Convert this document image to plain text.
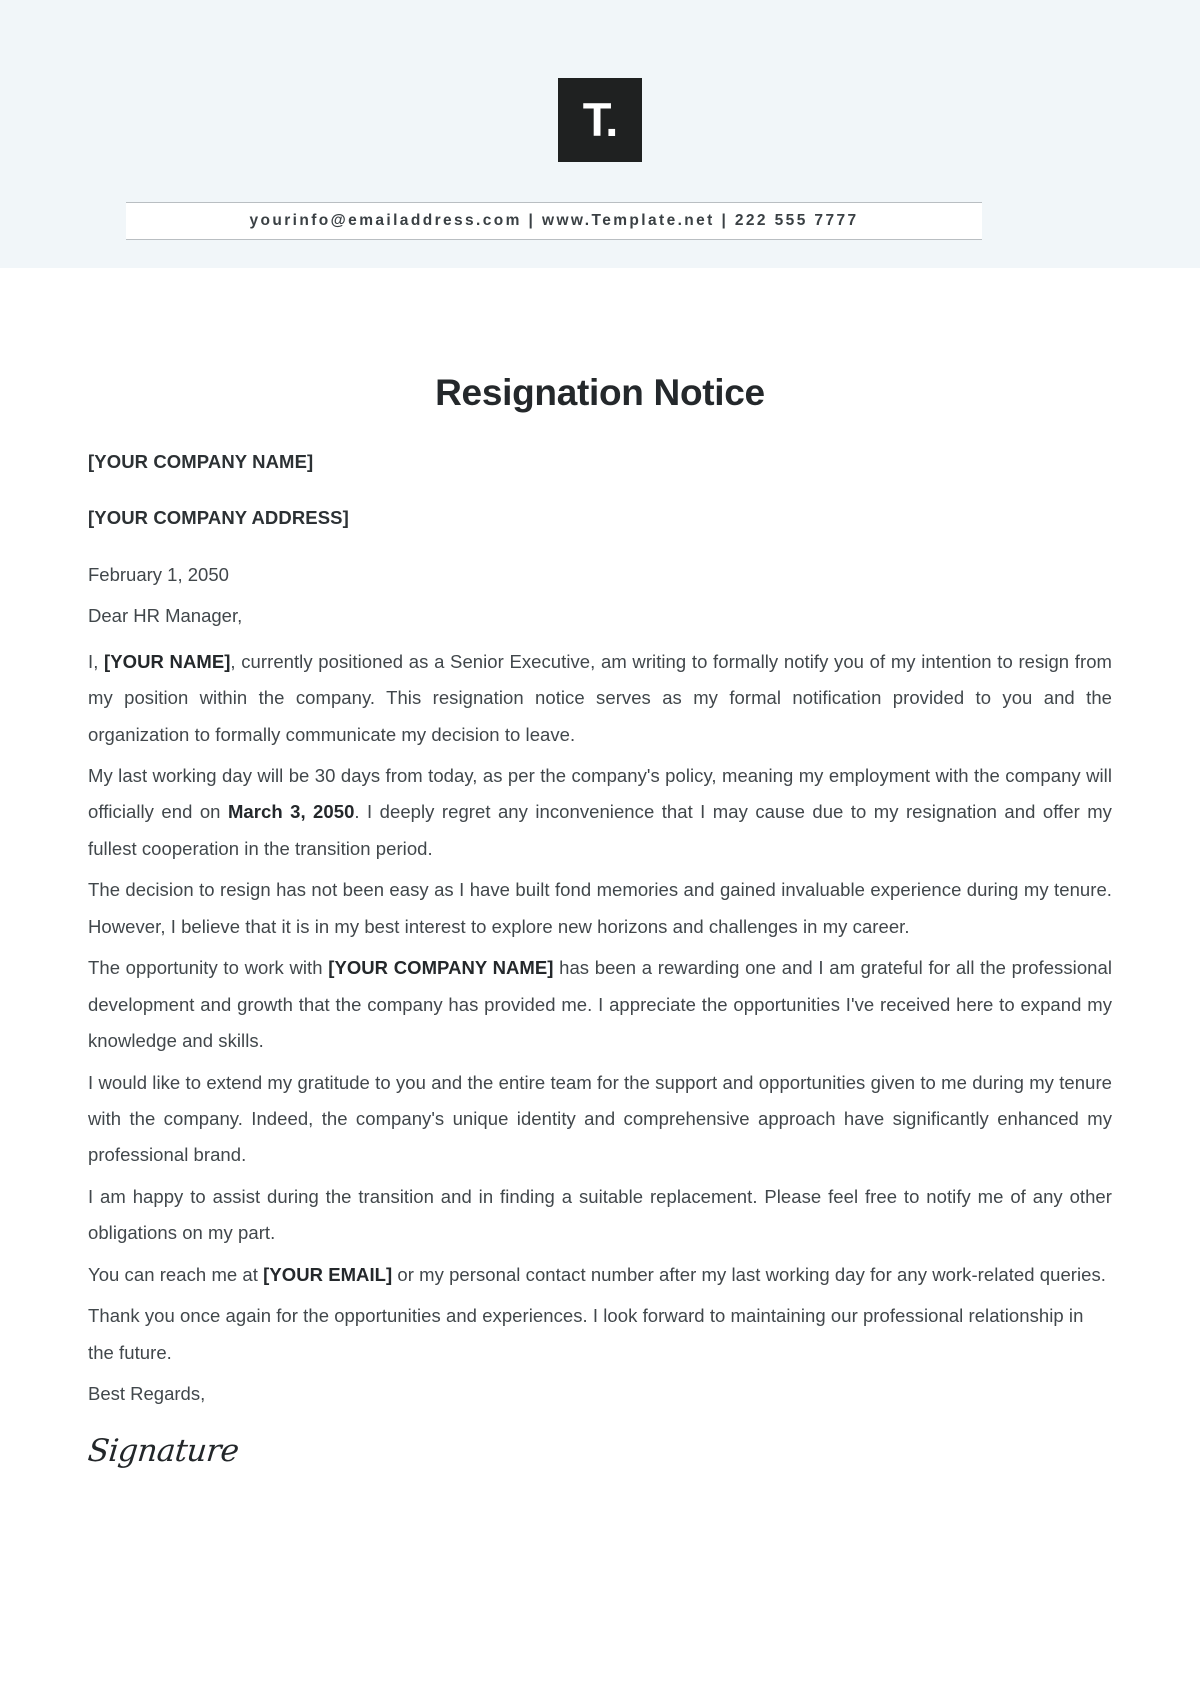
T.
yourinfo@emailaddress.com | www.Template.net | 222 555 7777
Resignation Notice

[YOUR COMPANY NAME]

[YOUR COMPANY ADDRESS]

February 1, 2050

Dear HR Manager,

I, [YOUR NAME], currently positioned as a Senior Executive, am writing to formally notify you of my intention to resign from my position within the company. This resignation notice serves as my formal notification provided to you and the organization to formally communicate my decision to leave.

My last working day will be 30 days from today, as per the company's policy, meaning my employment with the company will officially end on March 3, 2050. I deeply regret any inconvenience that I may cause due to my resignation and offer my fullest cooperation in the transition period.

The decision to resign has not been easy as I have built fond memories and gained invaluable experience during my tenure. However, I believe that it is in my best interest to explore new horizons and challenges in my career.

The opportunity to work with [YOUR COMPANY NAME] has been a rewarding one and I am grateful for all the professional development and growth that the company has provided me. I appreciate the opportunities I've received here to expand my knowledge and skills.

I would like to extend my gratitude to you and the entire team for the support and opportunities given to me during my tenure with the company. Indeed, the company's unique identity and comprehensive approach have significantly enhanced my professional brand.

I am happy to assist during the transition and in finding a suitable replacement. Please feel free to notify me of any other obligations on my part.

You can reach me at [YOUR EMAIL] or my personal contact number after my last working day for any work-related queries.

Thank you once again for the opportunities and experiences. I look forward to maintaining our professional relationship in the future.

Best Regards,

Signature
